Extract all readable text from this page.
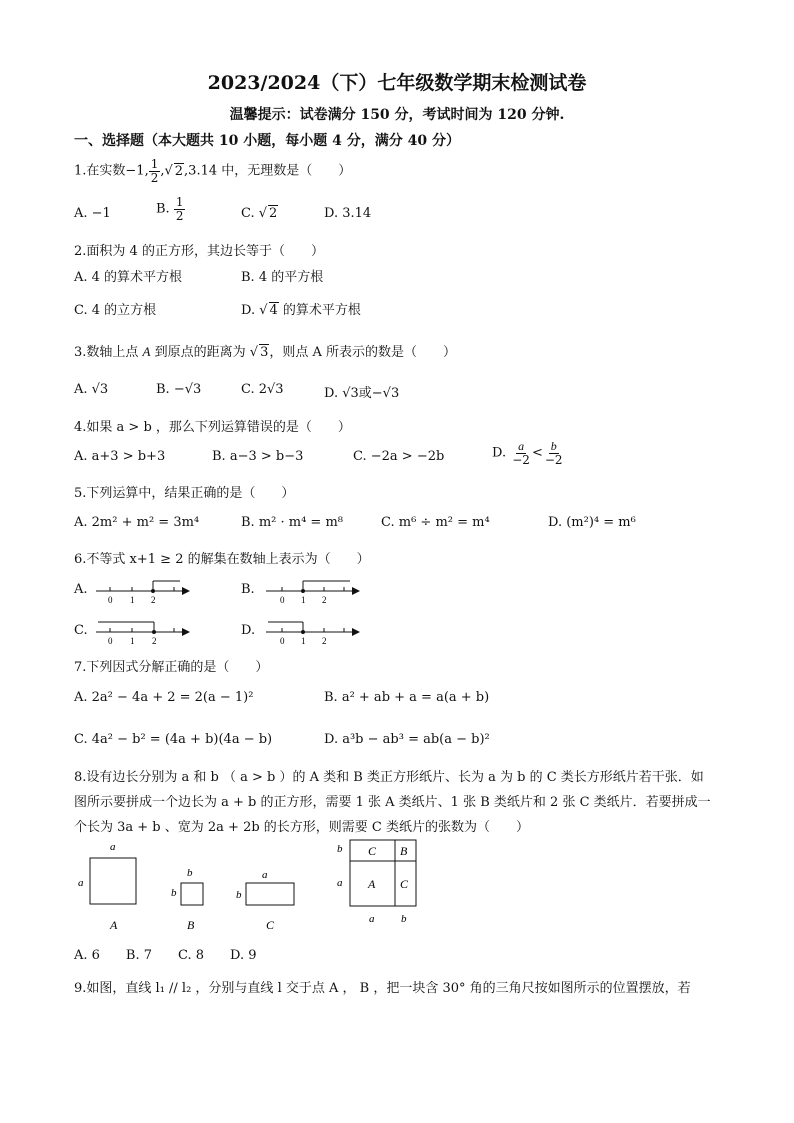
2023/2024（下）七年级数学期末检测试卷
温馨提示：试卷满分 150 分，考试时间为 120 分钟.
一、选择题（本大题共 10 小题，每小题 4 分，满分 40 分）
1.在实数−1, $\frac{1}{2}$ ,√ 2,3.14 中，无理数是（　　）
A. −1	B. $\frac{1}{2}$	C. √ 2	D. 3.14
2.面积为 4 的正方形，其边长等于（　　）
A. 4 的算术平方根	B. 4 的平方根
C. 4 的立方根	D. √ 4 的算术平方根
3.数轴上点 A 到原点的距离为 √ 3，则点 A 所表示的数是（　　）
A. √3	B. −√3	C. 2√3	D. √3或−√3
4.如果 a > b ，那么下列运算错误的是（　　）
A. a+3 > b+3	B. a−3 > b−3	C. −2a > −2b	D. $\frac{a}{-2} < \frac{b}{-2}$
5.下列运算中，结果正确的是（　　）
A. 2m² + m² = 3m⁴	B. m² · m⁴ = m⁸	C. m⁶ ÷ m² = m⁴	D. (m²)⁴ = m⁶
6.不等式 x+1 ≥ 2 的解集在数轴上表示为（　　）
A.	B.
C.	D.
0 1 2	0 1 2
0 1 2	0 1 2
7.下列因式分解正确的是（　　）
A. 2a² − 4a + 2 = 2(a − 1)²	B. a² + ab + a = a(a + b)
C. 4a² − b² = (4a + b)(4a − b)	D. a³b − ab³ = ab(a − b)²
8.设有边长分别为 a 和 b （ a > b ）的 A 类和 B 类正方形纸片、长为 a 为 b 的 C 类长方形纸片若干张．如
图所示要拼成一个边长为 a + b 的正方形，需要 1 张 A 类纸片、1 张 B 类纸片和 2 张 C 类纸片．若要拼成一
个长为 3a + b 、宽为 2a + 2b 的长方形，则需要 C 类纸片的张数为（　　）
a
a
A
b
b
B
a
b
C
b
a
C B
A C
a b
A. 6　　B. 7　　C. 8　　D. 9
9.如图，直线 l₁ // l₂ ，分别与直线 l 交于点 A ， B ，把一块含 30° 角的三角尺按如图所示的位置摆放，若
